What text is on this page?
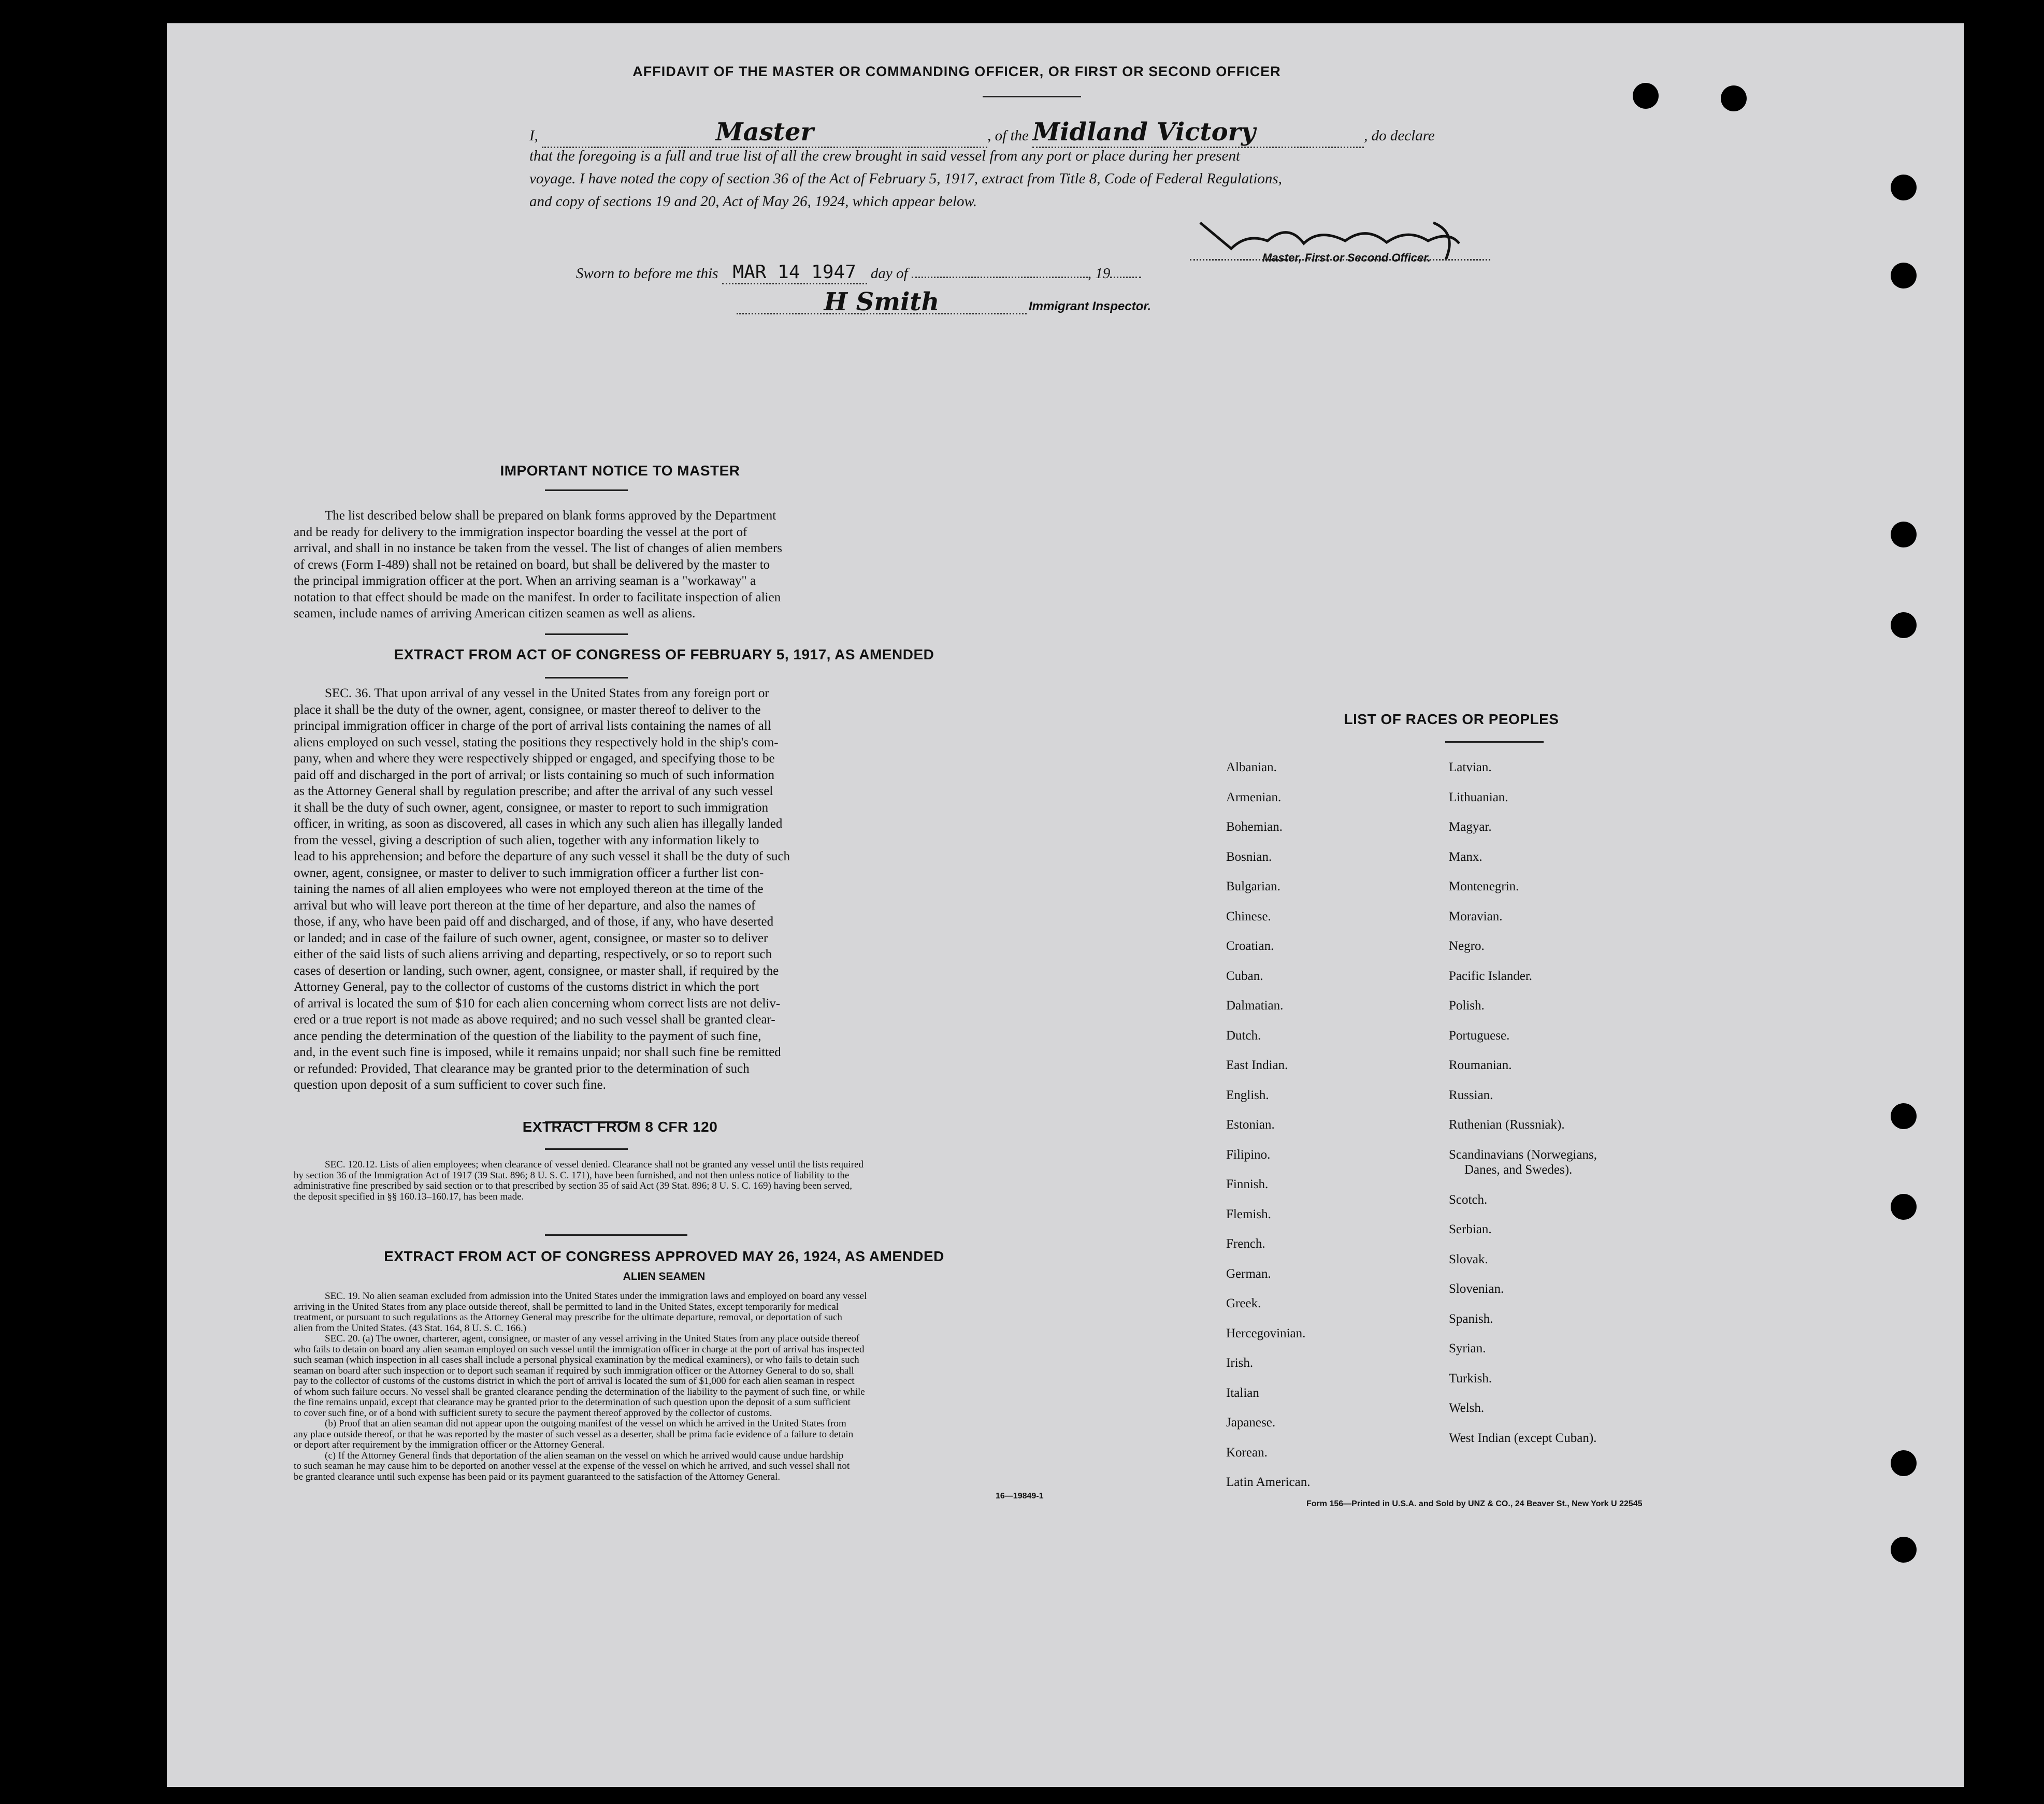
AFFIDAVIT OF THE MASTER OR COMMANDING OFFICER, OR FIRST OR SECOND OFFICER
I,	Master	, of the Midland Victory	, do declare
that the foregoing is a full and true list of all the crew brought in said vessel from any port or place during her present
voyage. I have noted the copy of section 36 of the Act of February 5, 1917, extract from Title 8, Code of Federal Regulations,
and copy of sections 19 and 20, Act of May 26, 1924, which appear below.
Master, First or Second Officer.
Sworn to before me this MAR 14 1947 day of	, 19
H Smith	Immigrant Inspector.
IMPORTANT NOTICE TO MASTER
The list described below shall be prepared on blank forms approved by the Department
and be ready for delivery to the immigration inspector boarding the vessel at the port of
arrival, and shall in no instance be taken from the vessel. The list of changes of alien members
of crews (Form I-489) shall not be retained on board, but shall be delivered by the master to
the principal immigration officer at the port. When an arriving seaman is a "workaway" a
notation to that effect should be made on the manifest. In order to facilitate inspection of alien
seamen, include names of arriving American citizen seamen as well as aliens.
EXTRACT FROM ACT OF CONGRESS OF FEBRUARY 5, 1917, AS AMENDED
SEC. 36. That upon arrival of any vessel in the United States from any foreign port or
place it shall be the duty of the owner, agent, consignee, or master thereof to deliver to the
principal immigration officer in charge of the port of arrival lists containing the names of all
aliens employed on such vessel, stating the positions they respectively hold in the ship's com-
pany, when and where they were respectively shipped or engaged, and specifying those to be
paid off and discharged in the port of arrival; or lists containing so much of such information
as the Attorney General shall by regulation prescribe; and after the arrival of any such vessel
it shall be the duty of such owner, agent, consignee, or master to report to such immigration
officer, in writing, as soon as discovered, all cases in which any such alien has illegally landed
from the vessel, giving a description of such alien, together with any information likely to
lead to his apprehension; and before the departure of any such vessel it shall be the duty of such
owner, agent, consignee, or master to deliver to such immigration officer a further list con-
taining the names of all alien employees who were not employed thereon at the time of the
arrival but who will leave port thereon at the time of her departure, and also the names of
those, if any, who have been paid off and discharged, and of those, if any, who have deserted
or landed; and in case of the failure of such owner, agent, consignee, or master so to deliver
either of the said lists of such aliens arriving and departing, respectively, or so to report such
cases of desertion or landing, such owner, agent, consignee, or master shall, if required by the
Attorney General, pay to the collector of customs of the customs district in which the port
of arrival is located the sum of $10 for each alien concerning whom correct lists are not deliv-
ered or a true report is not made as above required; and no such vessel shall be granted clear-
ance pending the determination of the question of the liability to the payment of such fine,
and, in the event such fine is imposed, while it remains unpaid; nor shall such fine be remitted
or refunded: Provided, That clearance may be granted prior to the determination of such
question upon deposit of a sum sufficient to cover such fine.
EXTRACT FROM 8 CFR 120
SEC. 120.12. Lists of alien employees; when clearance of vessel denied. Clearance shall not be granted any vessel until the lists required
by section 36 of the Immigration Act of 1917 (39 Stat. 896; 8 U. S. C. 171), have been furnished, and not then unless notice of liability to the
administrative fine prescribed by said section or to that prescribed by section 35 of said Act (39 Stat. 896; 8 U. S. C. 169) having been served,
the deposit specified in §§ 160.13–160.17, has been made.
EXTRACT FROM ACT OF CONGRESS APPROVED MAY 26, 1924, AS AMENDED
ALIEN SEAMEN
SEC. 19. No alien seaman excluded from admission into the United States under the immigration laws and employed on board any vessel
arriving in the United States from any place outside thereof, shall be permitted to land in the United States, except temporarily for medical
treatment, or pursuant to such regulations as the Attorney General may prescribe for the ultimate departure, removal, or deportation of such
alien from the United States. (43 Stat. 164, 8 U. S. C. 166.)
SEC. 20. (a) The owner, charterer, agent, consignee, or master of any vessel arriving in the United States from any place outside thereof
who fails to detain on board any alien seaman employed on such vessel until the immigration officer in charge at the port of arrival has inspected
such seaman (which inspection in all cases shall include a personal physical examination by the medical examiners), or who fails to detain such
seaman on board after such inspection or to deport such seaman if required by such immigration officer or the Attorney General to do so, shall
pay to the collector of customs of the customs district in which the port of arrival is located the sum of $1,000 for each alien seaman in respect
of whom such failure occurs. No vessel shall be granted clearance pending the determination of the liability to the payment of such fine, or while
the fine remains unpaid, except that clearance may be granted prior to the determination of such question upon the deposit of a sum sufficient
to cover such fine, or of a bond with sufficient surety to secure the payment thereof approved by the collector of customs.
(b) Proof that an alien seaman did not appear upon the outgoing manifest of the vessel on which he arrived in the United States from
any place outside thereof, or that he was reported by the master of such vessel as a deserter, shall be prima facie evidence of a failure to detain
or deport after requirement by the immigration officer or the Attorney General.
(c) If the Attorney General finds that deportation of the alien seaman on the vessel on which he arrived would cause undue hardship
to such seaman he may cause him to be deported on another vessel at the expense of the vessel on which he arrived, and such vessel shall not
be granted clearance until such expense has been paid or its payment guaranteed to the satisfaction of the Attorney General.
16—19849-1
LIST OF RACES OR PEOPLES
Albanian.
Armenian.
Bohemian.
Bosnian.
Bulgarian.
Chinese.
Croatian.
Cuban.
Dalmatian.
Dutch.
East Indian.
English.
Estonian.
Filipino.
Finnish.
Flemish.
French.
German.
Greek.
Hercegovinian.
Irish.
Italian
Japanese.
Korean.
Latin American.
Latvian.
Lithuanian.
Magyar.
Manx.
Montenegrin.
Moravian.
Negro.
Pacific Islander.
Polish.
Portuguese.
Roumanian.
Russian.
Ruthenian (Russniak).
Scandinavians (Norwegians,
Danes, and Swedes).
Scotch.
Serbian.
Slovak.
Slovenian.
Spanish.
Syrian.
Turkish.
Welsh.
West Indian (except Cuban).
Form 156—Printed in U.S.A. and Sold by UNZ & CO., 24 Beaver St., New York U 22545
